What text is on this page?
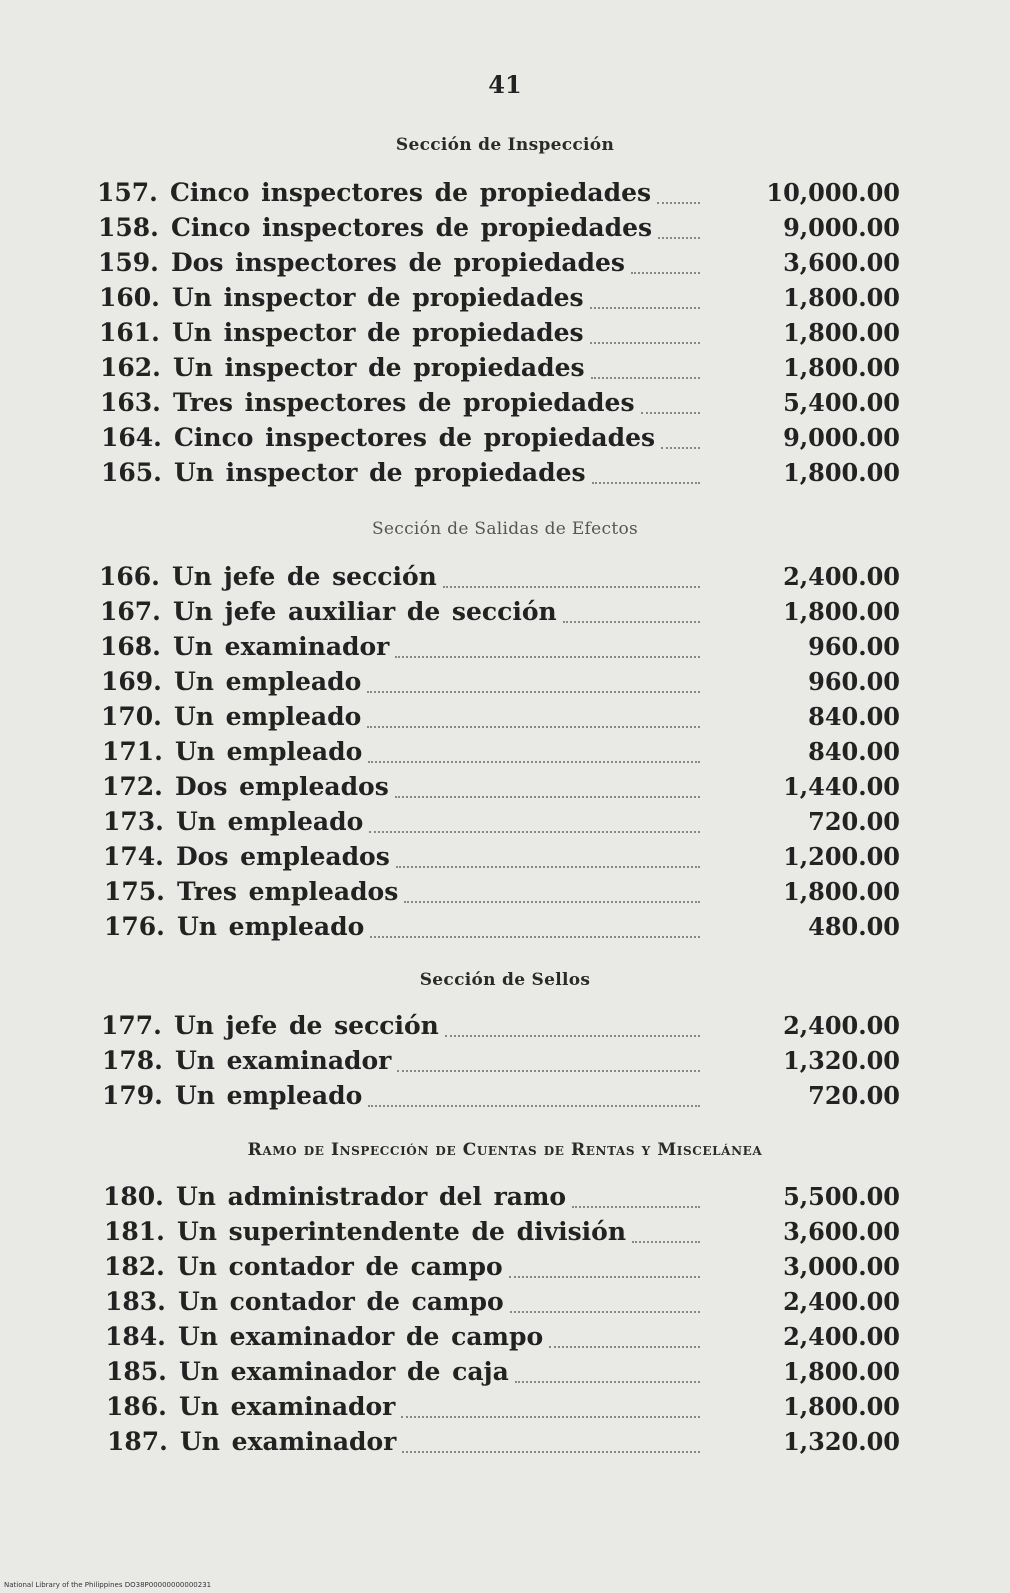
41
Sección de Inspección
157. Cinco inspectores de propiedades	10,000.00
158. Cinco inspectores de propiedades	9,000.00
159. Dos inspectores de propiedades	3,600.00
160. Un inspector de propiedades	1,800.00
161. Un inspector de propiedades	1,800.00
162. Un inspector de propiedades	1,800.00
163. Tres inspectores de propiedades	5,400.00
164. Cinco inspectores de propiedades	9,000.00
165. Un inspector de propiedades	1,800.00
Sección de Salidas de Efectos
166. Un jefe de sección	2,400.00
167. Un jefe auxiliar de sección	1,800.00
168. Un examinador	960.00
169. Un empleado	960.00
170. Un empleado	840.00
171. Un empleado	840.00
172. Dos empleados	1,440.00
173. Un empleado	720.00
174. Dos empleados	1,200.00
175. Tres empleados	1,800.00
176. Un empleado	480.00
Sección de Sellos
177. Un jefe de sección	2,400.00
178. Un examinador	1,320.00
179. Un empleado	720.00
Ramo de Inspección de Cuentas de Rentas y Miscelánea
180. Un administrador del ramo	5,500.00
181. Un superintendente de división	3,600.00
182. Un contador de campo	3,000.00
183. Un contador de campo	2,400.00
184. Un examinador de campo	2,400.00
185. Un examinador de caja	1,800.00
186. Un examinador	1,800.00
187. Un examinador	1,320.00
National Library of the Philippines DO38P00000000000231
